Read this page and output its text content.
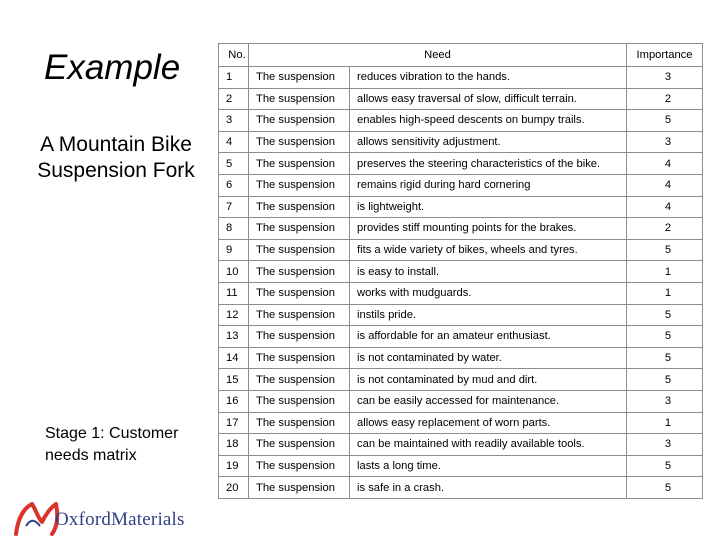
Example
A Mountain Bike Suspension Fork
Stage 1: Customer needs matrix
OxfordMaterials
No.	Need		Importance
1	The suspension	reduces vibration to the hands.	3
2	The suspension	allows easy traversal of slow, difficult terrain.	2
3	The suspension	enables high-speed descents on bumpy trails.	5
4	The suspension	allows sensitivity adjustment.	3
5	The suspension	preserves the steering characteristics of the bike.	4
6	The suspension	remains rigid during hard cornering	4
7	The suspension	is lightweight.	4
8	The suspension	provides stiff mounting points for the brakes.	2
9	The suspension	fits a wide variety of bikes, wheels and tyres.	5
10	The suspension	is easy to install.	1
11	The suspension	works with mudguards.	1
12	The suspension	instils pride.	5
13	The suspension	is affordable for an amateur enthusiast.	5
14	The suspension	is not contaminated by water.	5
15	The suspension	is not contaminated by mud and dirt.	5
16	The suspension	can be easily accessed for maintenance.	3
17	The suspension	allows easy replacement of worn parts.	1
18	The suspension	can be maintained with readily available tools.	3
19	The suspension	lasts a long time.	5
20	The suspension	is safe in a crash.	5
